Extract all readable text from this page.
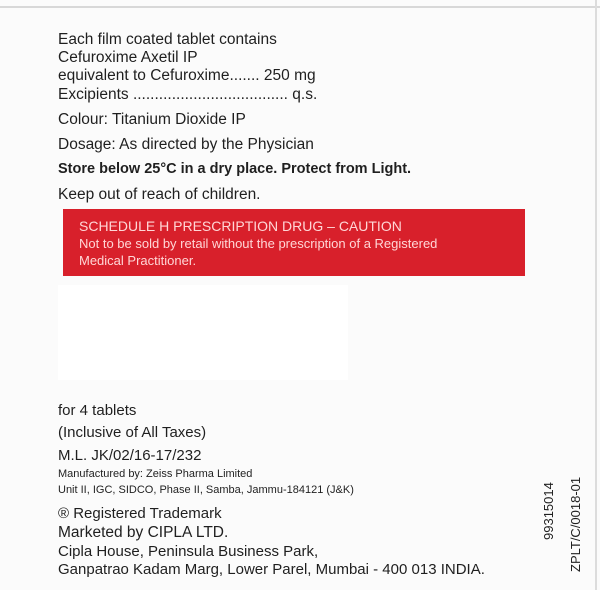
Each film coated tablet contains
Cefuroxime Axetil IP
equivalent to Cefuroxime....... 250 mg
Excipients .................................... q.s.
Colour: Titanium Dioxide IP
Dosage: As directed by the Physician
Store below 25°C in a dry place. Protect from Light.
Keep out of reach of children.
SCHEDULE H PRESCRIPTION DRUG – CAUTION
Not to be sold by retail without the prescription of a Registered
Medical Practitioner.
for 4 tablets
(Inclusive of All Taxes)
M.L. JK/02/16-17/232
Manufactured by: Zeiss Pharma Limited
Unit II, IGC, SIDCO, Phase II, Samba, Jammu-184121 (J&K)
® Registered Trademark
Marketed by CIPLA LTD.
Cipla House, Peninsula Business Park,
Ganpatrao Kadam Marg, Lower Parel, Mumbai - 400 013 INDIA.
99315014 ZPLT/C/0018-01
